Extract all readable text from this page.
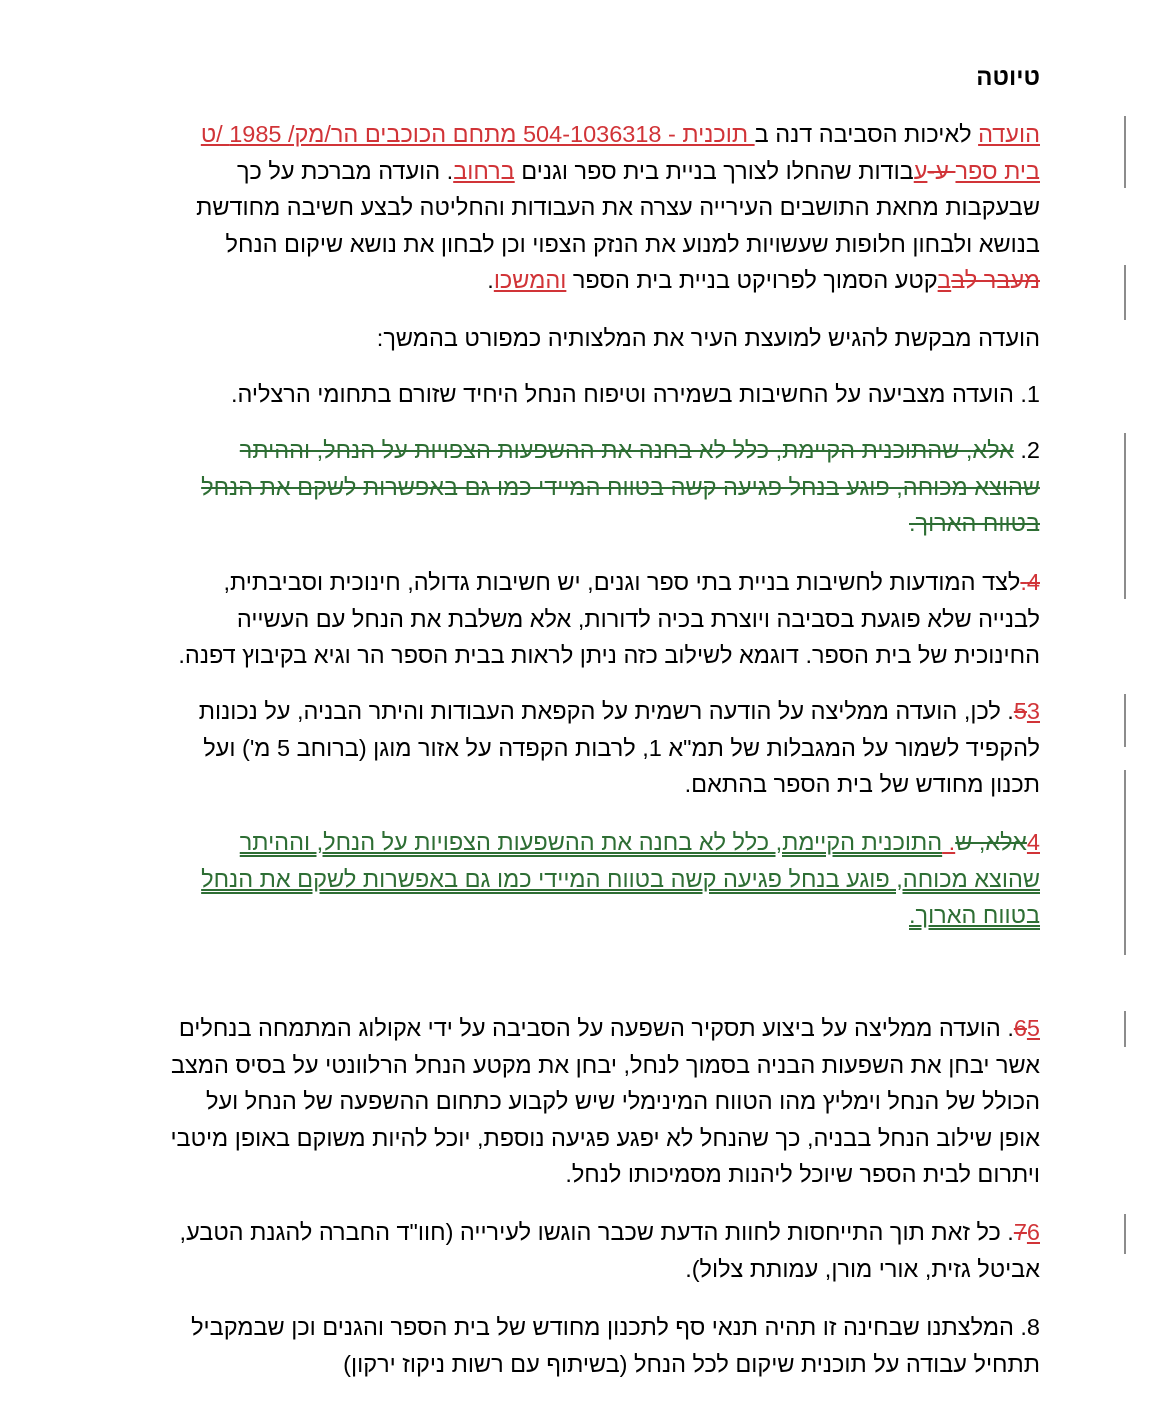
טיוטה
הועדה לאיכות הסביבה דנה ב תוכנית - 504-1036318 מתחם הכוכבים הר/מק/ 1985 /ט
בית ספר ע-עבודות שהחלו לצורך בניית בית ספר וגנים ברחוב. הועדה מברכת על כך
שבעקבות מחאת התושבים העירייה עצרה את העבודות והחליטה לבצע חשיבה מחודשת
בנושא ולבחון חלופות שעשויות למנוע את הנזק הצפוי וכן לבחון את נושא שיקום הנחל
מעבר לבבקטע הסמוך לפרויקט בניית בית הספר והמשכו.
הועדה מבקשת להגיש למועצת העיר את המלצותיה כמפורט בהמשך:
1. הועדה מצביעה על החשיבות בשמירה וטיפוח הנחל היחיד שזורם בתחומי הרצליה.
2. אלא, שהתוכנית הקיימת, כלל לא בחנה את ההשפעות הצפויות על הנחל, וההיתר
שהוצא מכוחה, פוגע בנחל פגיעה קשה בטווח המיידי כמו גם באפשרות לשקם את הנחל
בטווח הארוך.
4.לצד המודעות לחשיבות בניית בתי ספר וגנים, יש חשיבות גדולה, חינוכית וסביבתית,
לבנייה שלא פוגעת בסביבה ויוצרת בכיה לדורות, אלא משלבת את הנחל עם העשייה
החינוכית של בית הספר. דוגמא לשילוב כזה ניתן לראות בבית הספר הר וגיא בקיבוץ דפנה.
53. לכן, הועדה ממליצה על הודעה רשמית על הקפאת העבודות והיתר הבניה, על נכונות
להקפיד לשמור על המגבלות של תמ"א 1, לרבות הקפדה על אזור מוגן (ברוחב 5 מ') ועל
תכנון מחודש של בית הספר בהתאם.
4אלא, ש. התוכנית הקיימת, כלל לא בחנה את ההשפעות הצפויות על הנחל, וההיתר
שהוצא מכוחה, פוגע בנחל פגיעה קשה בטווח המיידי כמו גם באפשרות לשקם את הנחל
בטווח הארוך.
65. הועדה ממליצה על ביצוע תסקיר השפעה על הסביבה על ידי אקולוג המתמחה בנחלים
אשר יבחן את השפעות הבניה בסמוך לנחל, יבחן את מקטע הנחל הרלוונטי על בסיס המצב
הכולל של הנחל וימליץ מהו הטווח המינימלי שיש לקבוע כתחום ההשפעה של הנחל ועל
אופן שילוב הנחל בבניה, כך שהנחל לא יפגע פגיעה נוספת, יוכל להיות משוקם באופן מיטבי
ויתרום לבית הספר שיוכל ליהנות מסמיכותו לנחל.
76. כל זאת תוך התייחסות לחוות הדעת שכבר הוגשו לעירייה (חוו"ד החברה להגנת הטבע,
אביטל גזית, אורי מורן, עמותת צלול).
8. המלצתנו שבחינה זו תהיה תנאי סף לתכנון מחודש של בית הספר והגנים וכן שבמקביל
תתחיל עבודה על תוכנית שיקום לכל הנחל (בשיתוף עם רשות ניקוז ירקון)
